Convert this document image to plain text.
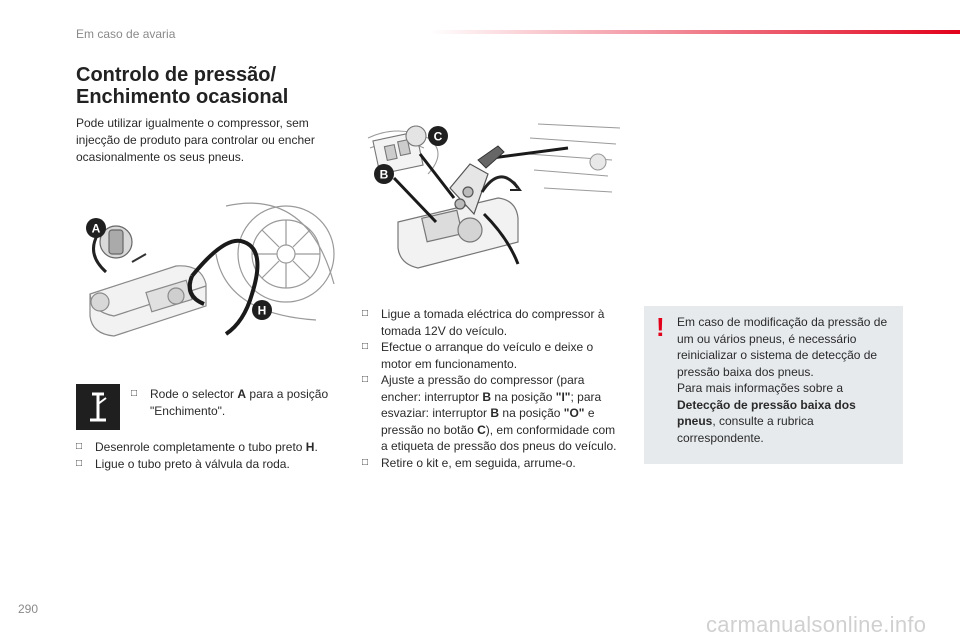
Em caso de avaria
Controlo de pressão/
Enchimento ocasional
Pode utilizar igualmente o compressor, sem injecção de produto para controlar ou encher ocasionalmente os seus pneus.
A
H
B
C
□ Rode o selector A para a posição "Enchimento".
□ Desenrole completamente o tubo preto H.
□ Ligue o tubo preto à válvula da roda.
□ Ligue a tomada eléctrica do compressor à tomada 12V do veículo.
□ Efectue o arranque do veículo e deixe o motor em funcionamento.
□ Ajuste a pressão do compressor (para encher: interruptor B na posição "I"; para esvaziar: interruptor B na posição "O" e pressão no botão C), em conformidade com a etiqueta de pressão dos pneus do veículo.
□ Retire o kit e, em seguida, arrume-o.
! Em caso de modificação da pressão de um ou vários pneus, é necessário reinicializar o sistema de detecção de pressão baixa dos pneus.
Para mais informações sobre a Detecção de pressão baixa dos pneus, consulte a rubrica correspondente.
290
carmanualsonline.info
